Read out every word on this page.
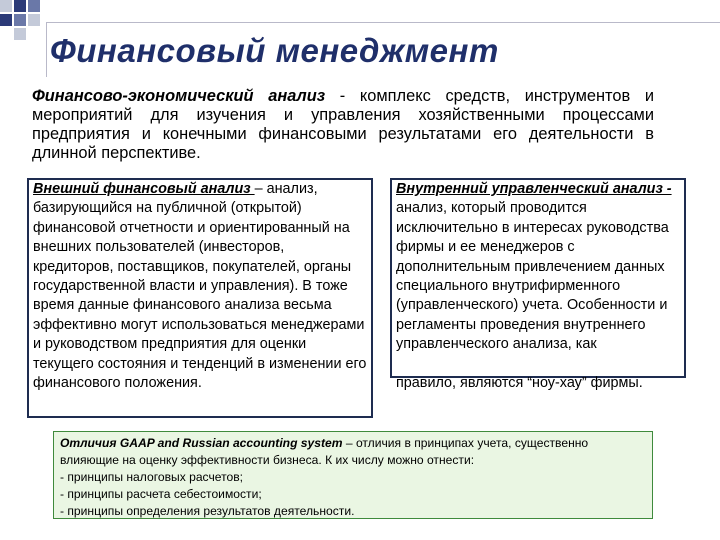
Финансовый менеджмент

Финансово-экономический анализ - комплекс средств, инструментов и мероприятий для изучения и управления хозяйственными процессами предприятия и конечными финансовыми результатами его деятельности в длинной перспективе.

Внешний финансовый анализ – анализ, базирующийся на публичной (открытой) финансовой отчетности и ориентированный на внешних пользователей (инвесторов, кредиторов, поставщиков, покупателей, органы государственной власти и управления). В тоже время данные финансового анализа весьма эффективно могут использоваться менеджерами и руководством предприятия для оценки текущего состояния и тенденций в изменении его финансового положения.
Внутренний управленческий анализ - анализ, который проводится исключительно в интересах руководства фирмы и ее менеджеров с дополнительным привлечением данных специального внутрифирменного (управленческого) учета. Особенности и регламенты проведения внутреннего управленческого анализа, как
правило, являются “ноу-хау” фирмы.
Отличия GAAP and Russian accounting system – отличия в принципах учета, существенно влияющие на оценку эффективности бизнеса. К их числу можно отнести:
- принципы налоговых расчетов;
- принципы расчета себестоимости;
- принципы определения результатов деятельности.
